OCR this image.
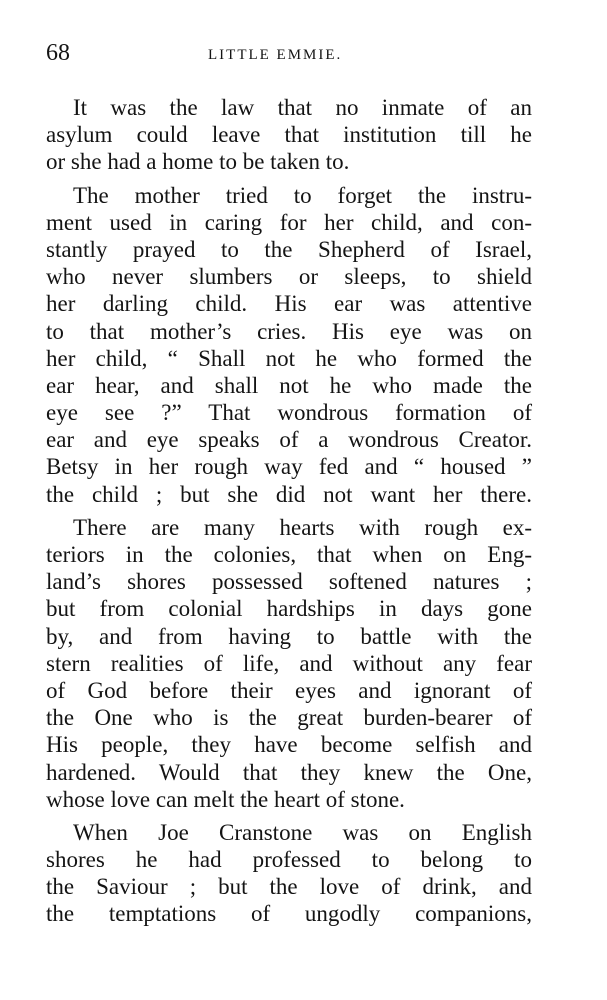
68	LITTLE EMMIE.
It was the law that no inmate of an
asylum could leave that institution till he
or she had a home to be taken to.
The mother tried to forget the instru-
ment used in caring for her child, and con-
stantly prayed to the Shepherd of Israel,
who never slumbers or sleeps, to shield
her darling child. His ear was attentive
to that mother’s cries. His eye was on
her child, “ Shall not he who formed the
ear hear, and shall not he who made the
eye see ?” That wondrous formation of
ear and eye speaks of a wondrous Creator.
Betsy in her rough way fed and “ housed ”
the child ; but she did not want her there.
There are many hearts with rough ex-
teriors in the colonies, that when on Eng-
land’s shores possessed softened natures ;
but from colonial hardships in days gone
by, and from having to battle with the
stern realities of life, and without any fear
of God before their eyes and ignorant of
the One who is the great burden-bearer of
His people, they have become selfish and
hardened. Would that they knew the One,
whose love can melt the heart of stone.
When Joe Cranstone was on English
shores he had professed to belong to
the Saviour ; but the love of drink, and
the temptations of ungodly companions,
